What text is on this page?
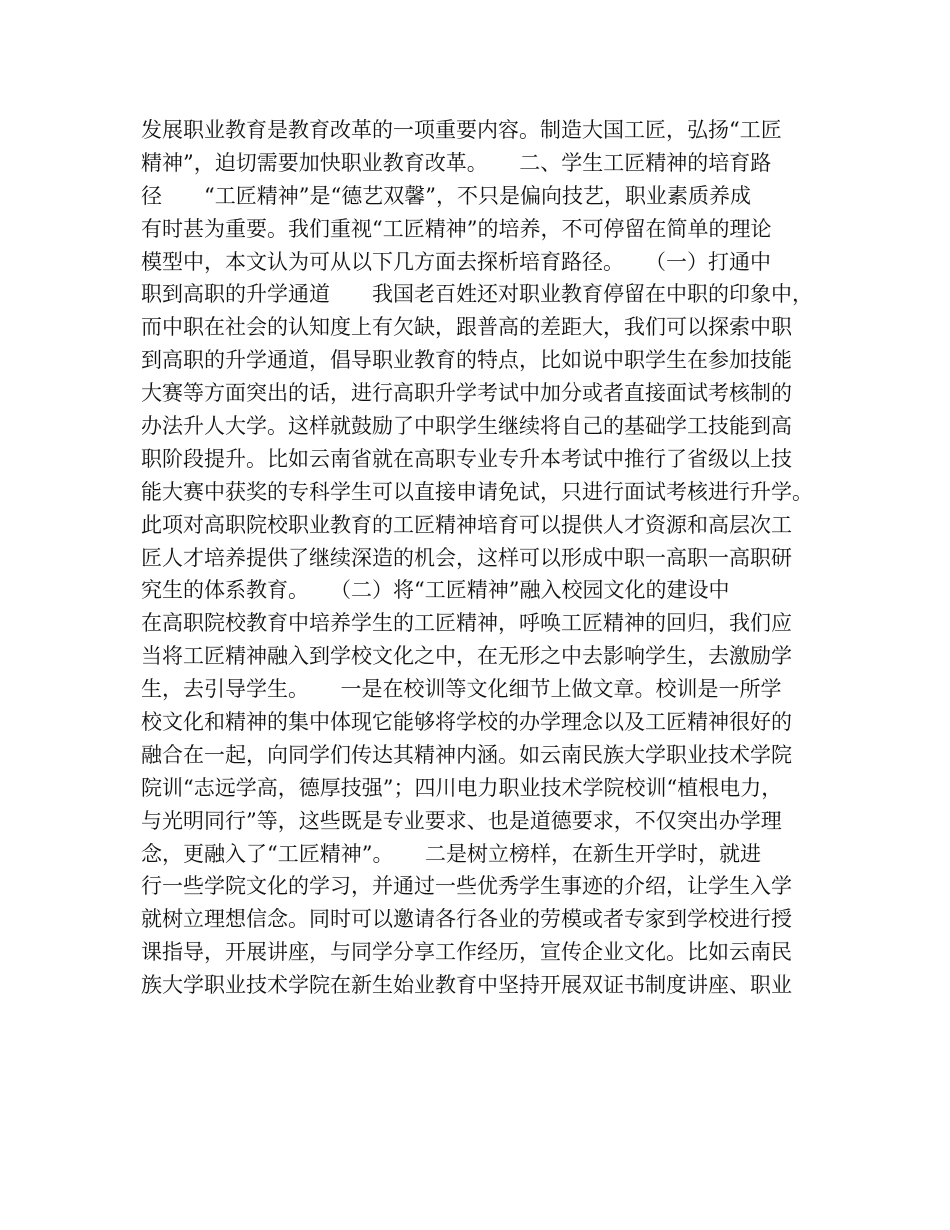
发展职业教育是教育改革的一项重要内容。制造大国工匠，弘扬“工匠
精神”，迫切需要加快职业教育改革。　　二、学生工匠精神的培育路
径　　“工匠精神”是“德艺双馨”，不只是偏向技艺，职业素质养成
有时甚为重要。我们重视“工匠精神”的培养，不可停留在简单的理论
模型中，本文认为可从以下几方面去探析培育路径。　　（一）打通中
职到高职的升学通道　　我国老百姓还对职业教育停留在中职的印象中，
而中职在社会的认知度上有欠缺，跟普高的差距大，我们可以探索中职
到高职的升学通道，倡导职业教育的特点，比如说中职学生在参加技能
大赛等方面突出的话，进行高职升学考试中加分或者直接面试考核制的
办法升人大学。这样就鼓励了中职学生继续将自己的基础学工技能到高
职阶段提升。比如云南省就在高职专业专升本考试中推行了省级以上技
能大赛中获奖的专科学生可以直接申请免试，只进行面试考核进行升学。
此项对高职院校职业教育的工匠精神培育可以提供人才资源和高层次工
匠人才培养提供了继续深造的机会，这样可以形成中职一高职一高职研
究生的体系教育。　　（二）将“工匠精神”融入校园文化的建设中
在高职院校教育中培养学生的工匠精神，呼唤工匠精神的回归，我们应
当将工匠精神融入到学校文化之中，在无形之中去影响学生，去激励学
生，去引导学生。　　一是在校训等文化细节上做文章。校训是一所学
校文化和精神的集中体现它能够将学校的办学理念以及工匠精神很好的
融合在一起，向同学们传达其精神内涵。如云南民族大学职业技术学院
院训“志远学高，德厚技强”；四川电力职业技术学院校训“植根电力，
与光明同行”等，这些既是专业要求、也是道德要求，不仅突出办学理
念，更融入了“工匠精神”。　　二是树立榜样，在新生开学时，就进
行一些学院文化的学习，并通过一些优秀学生事迹的介绍，让学生入学
就树立理想信念。同时可以邀请各行各业的劳模或者专家到学校进行授
课指导，开展讲座，与同学分享工作经历，宣传企业文化。比如云南民
族大学职业技术学院在新生始业教育中坚持开展双证书制度讲座、职业
